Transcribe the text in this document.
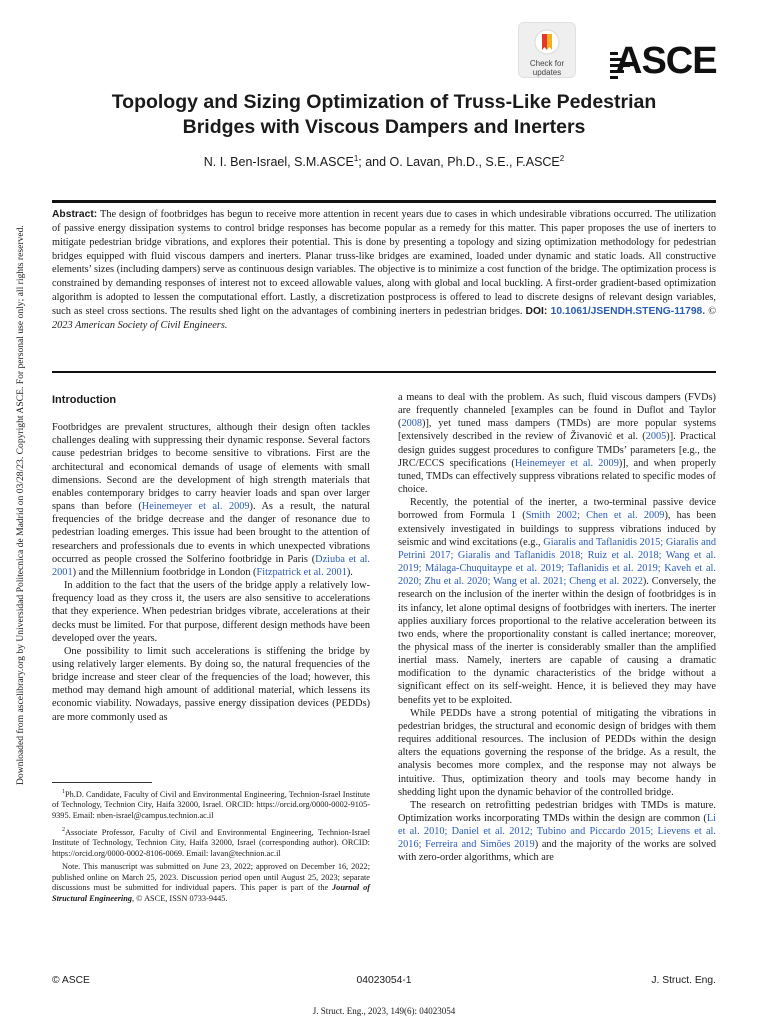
Downloaded from ascelibrary.org by Universidad Politecnica de Madrid on 03/28/23. Copyright ASCE. For personal use only; all rights reserved.
Check for
updates	ASCE
Topology and Sizing Optimization of Truss-Like Pedestrian
Bridges with Viscous Dampers and Inerters
N. I. Ben-Israel, S.M.ASCE$^1$; and O. Lavan, Ph.D., S.E., F.ASCE$^2$
Abstract: The design of footbridges has begun to receive more attention in recent years due to cases in which undesirable vibrations occurred. The utilization of passive energy dissipation systems to control bridge responses has become popular as a remedy for this matter. This paper proposes the use of inerters to mitigate pedestrian bridge vibrations, and explores their potential. This is done by presenting a topology and sizing optimization methodology for pedestrian bridges equipped with fluid viscous dampers and inerters. Planar truss-like bridges are examined, loaded under dynamic and static loads. All constructive elements’ sizes (including dampers) serve as continuous design variables. The objective is to minimize a cost function of the bridge. The optimization process is constrained by demanding responses of interest not to exceed allowable values, along with global and local buckling. A first-order gradient-based optimization algorithm is adopted to lessen the computational effort. Lastly, a discretization postprocess is offered to lead to discrete designs of relevant design variables, such as steel cross sections. The results shed light on the advantages of combining inerters in pedestrian bridges. DOI: 10.1061/JSENDH.STENG-11798. © 2023 American Society of Civil Engineers.
Introduction

Footbridges are prevalent structures, although their design often tackles challenges dealing with suppressing their dynamic response. Several factors cause pedestrian bridges to become sensitive to vibrations. First are the architectural and economical demands of usage of elements with small dimensions. Second are the development of high strength materials that enables contemporary bridges to carry heavier loads and span over larger spans than before (Heinemeyer et al. 2009). As a result, the natural frequencies of the bridge decrease and the danger of resonance due to pedestrian loading emerges. This issue had been brought to the attention of researchers and professionals due to events in which unexpected vibrations occurred as people crossed the Solferino footbridge in Paris (Dziuba et al. 2001) and the Millennium footbridge in London (Fitzpatrick et al. 2001).

In addition to the fact that the users of the bridge apply a relatively low-frequency load as they cross it, the users are also sensitive to accelerations that they experience. When pedestrian bridges vibrate, accelerations at their decks must be limited. For that purpose, different design methods have been developed over the years.

One possibility to limit such accelerations is stiffening the bridge by using relatively larger elements. By doing so, the natural frequencies of the bridge increase and steer clear of the frequencies of the load; however, this method may demand high amount of additional material, which lessens its economic viability. Nowadays, passive energy dissipation devices (PEDDs) are more commonly used as

$^1$Ph.D. Candidate, Faculty of Civil and Environmental Engineering, Technion-Israel Institute of Technology, Technion City, Haifa 32000, Israel. ORCID: https://orcid.org/0000-0002-9105-9395. Email: nben-israel@campus.technion.ac.il

$^2$Associate Professor, Faculty of Civil and Environmental Engineering, Technion-Israel Institute of Technology, Technion City, Haifa 32000, Israel (corresponding author). ORCID: https://orcid.org/0000-0002-8106-0069. Email: lavan@technion.ac.il

Note. This manuscript was submitted on June 23, 2022; approved on December 16, 2022; published online on March 25, 2023. Discussion period open until August 25, 2023; separate discussions must be submitted for individual papers. This paper is part of the Journal of Structural Engineering, © ASCE, ISSN 0733-9445.

a means to deal with the problem. As such, fluid viscous dampers (FVDs) are frequently channeled [examples can be found in Duflot and Taylor (2008)], yet tuned mass dampers (TMDs) are more popular systems [extensively described in the review of Živanović et al. (2005)]. Practical design guides suggest procedures to configure TMDs’ parameters [e.g., the JRC/ECCS specifications (Heinemeyer et al. 2009)], and when properly tuned, TMDs can effectively suppress vibrations related to specific modes of choice.

Recently, the potential of the inerter, a two-terminal passive device borrowed from Formula 1 (Smith 2002; Chen et al. 2009), has been extensively investigated in buildings to suppress vibrations induced by seismic and wind excitations (e.g., Giaralis and Taflanidis 2015; Giaralis and Petrini 2017; Giaralis and Taflanidis 2018; Ruiz et al. 2018; Wang et al. 2019; Málaga-Chuquitaype et al. 2019; Taflanidis et al. 2019; Kaveh et al. 2020; Zhu et al. 2020; Wang et al. 2021; Cheng et al. 2022). Conversely, the research on the inclusion of the inerter within the design of footbridges is in its infancy, let alone optimal designs of footbridges with inerters. The inerter applies auxiliary forces proportional to the relative acceleration between its two ends, where the proportionality constant is called inertance; moreover, the physical mass of the inerter is considerably smaller than the amplified inertial mass. Namely, inerters are capable of causing a dramatic modification to the dynamic characteristics of the bridge without a significant effect on its self-weight. Hence, it is believed they may have benefits yet to be exploited.

While PEDDs have a strong potential of mitigating the vibrations in pedestrian bridges, the structural and economic design of bridges with them requires additional resources. The inclusion of PEDDs within the design alters the equations governing the response of the bridge. As a result, the analysis becomes more complex, and the response may not always be intuitive. Thus, optimization theory and tools may become handy in shedding light upon the dynamic behavior of the controlled bridge.

The research on retrofitting pedestrian bridges with TMDs is mature. Optimization works incorporating TMDs within the design are common (Li et al. 2010; Daniel et al. 2012; Tubino and Piccardo 2015; Lievens et al. 2016; Ferreira and Simões 2019) and the majority of the works are solved with zero-order algorithms, which are

© ASCE	04023054-1	J. Struct. Eng.
J. Struct. Eng., 2023, 149(6): 04023054
